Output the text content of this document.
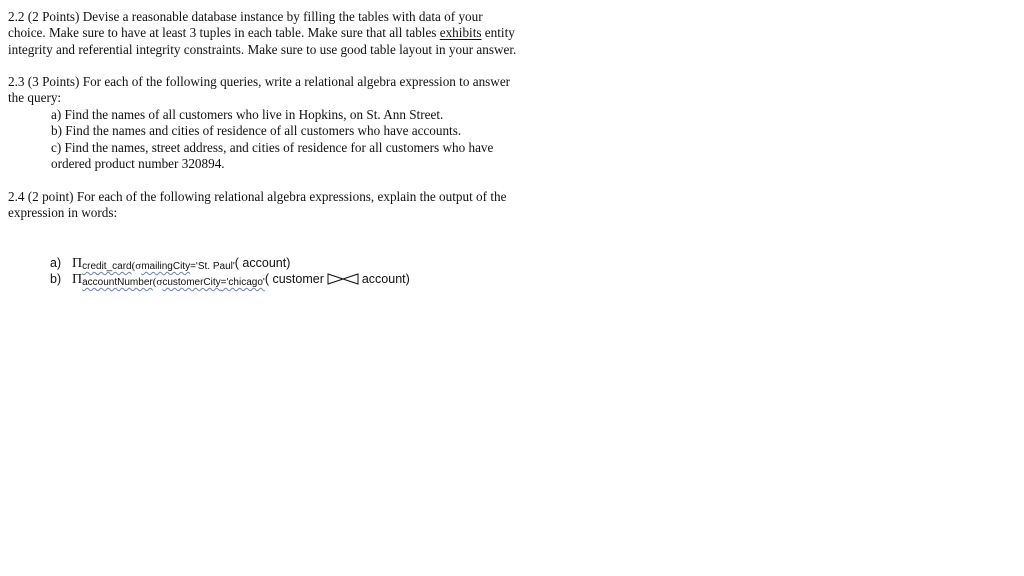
2.2 (2 Points) Devise a reasonable database instance by filling the tables with data of your
choice. Make sure to have at least 3 tuples in each table. Make sure that all tables exhibits entity
integrity and referential integrity constraints. Make sure to use good table layout in your answer.

2.3 (3 Points) For each of the following queries, write a relational algebra expression to answer
the query:
a) Find the names of all customers who live in Hopkins, on St. Ann Street.
b) Find the names and cities of residence of all customers who have accounts.
c) Find the names, street address, and cities of residence for all customers who have
ordered product number 320894.

2.4 (2 point) For each of the following relational algebra expressions, explain the output of the
expression in words:

a) $\Pi_{credit\_card}(\sigma_{mailingCity='St. Paul'}$( account)
b) $\Pi_{accountNumber}(\sigma_{customerCity='chicago'}$( customer	account)
